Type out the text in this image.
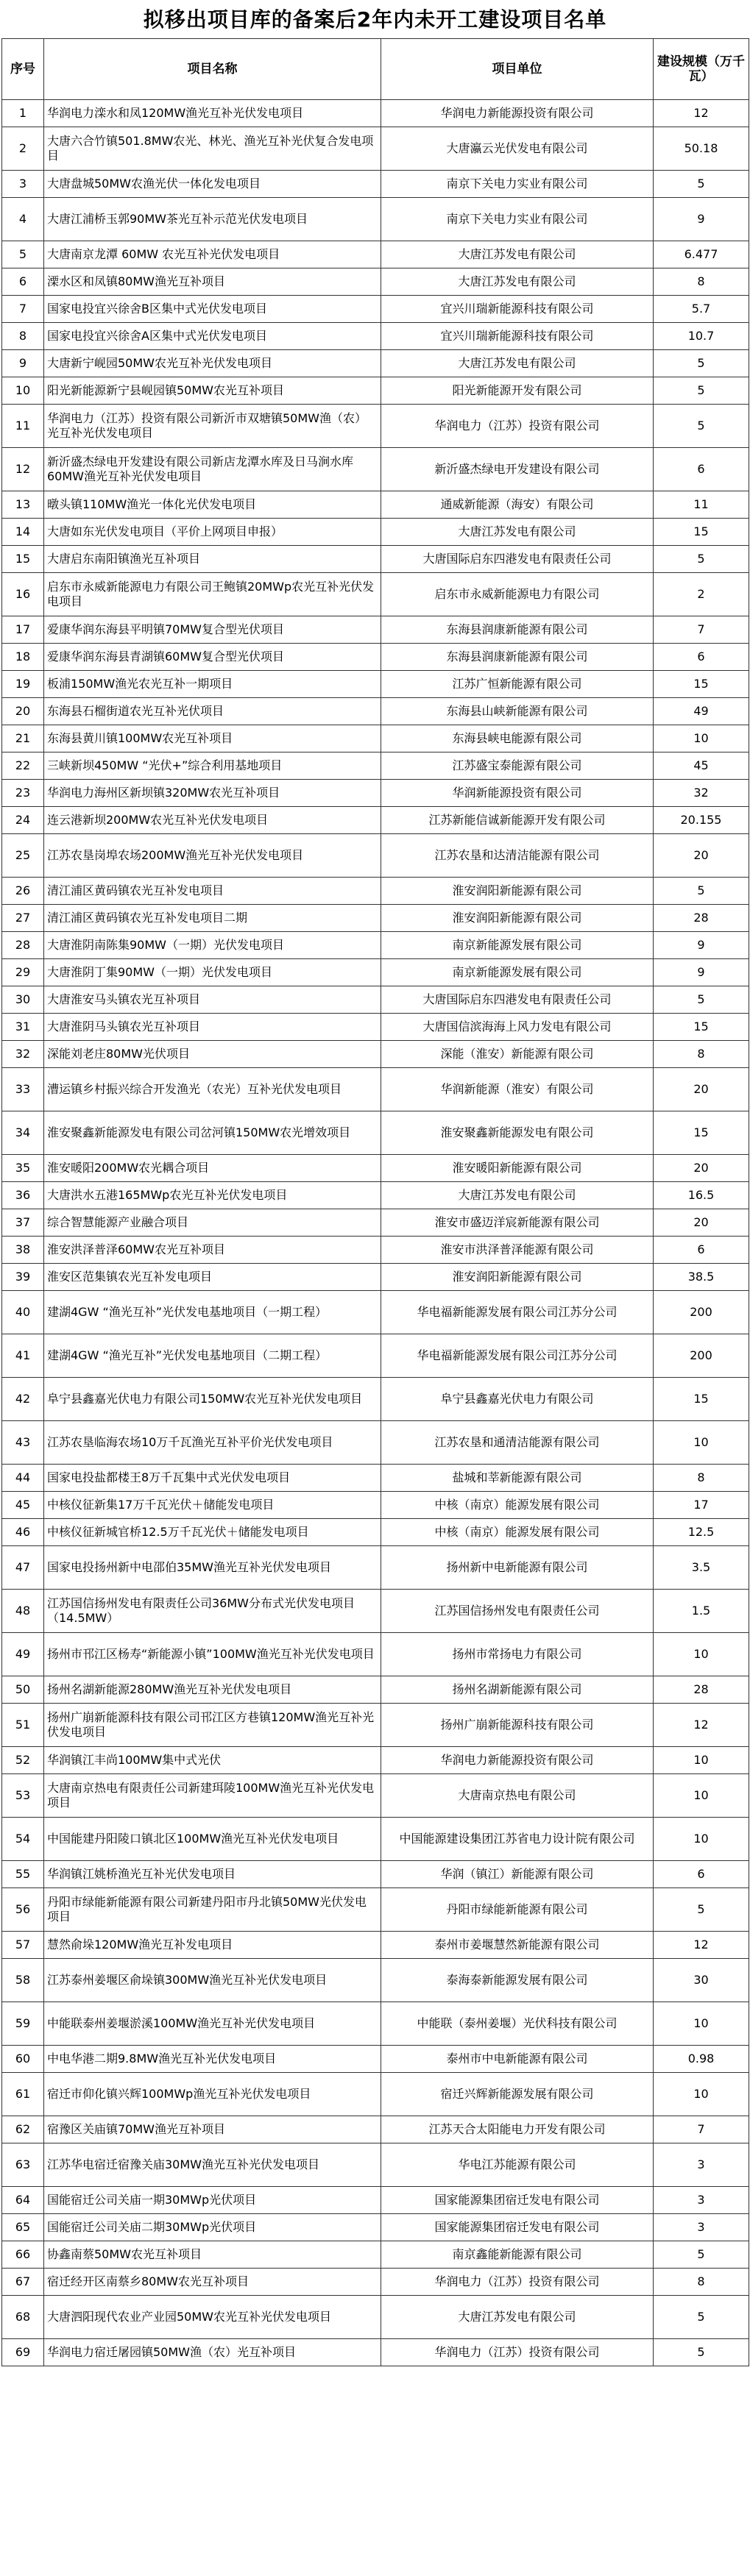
拟移出项目库的备案后2年内未开工建设项目名单
序号	项目名称	项目单位	建设规模（万千瓦）
1	华润电力滦水和凤120MW渔光互补光伏发电项目	华润电力新能源投资有限公司	12
2	大唐六合竹镇501.8MW农光、林光、渔光互补光伏复合发电项目	大唐瀛云光伏发电有限公司	50.18
3	大唐盘城50MW农渔光伏一体化发电项目	南京下关电力实业有限公司	5
4	大唐江浦桥玉郭90MW茶光互补示范光伏发电项目	南京下关电力实业有限公司	9
5	大唐南京龙潭 60MW 农光互补光伏发电项目	大唐江苏发电有限公司	6.477
6	溧水区和凤镇80MW渔光互补项目	大唐江苏发电有限公司	8
7	国家电投宜兴徐舍B区集中式光伏发电项目	宜兴川瑞新能源科技有限公司	5.7
8	国家电投宜兴徐舍A区集中式光伏发电项目	宜兴川瑞新能源科技有限公司	10.7
9	大唐新宁岘园50MW农光互补光伏发电项目	大唐江苏发电有限公司	5
10	阳光新能源新宁县岘园镇50MW农光互补项目	阳光新能源开发有限公司	5
11	华润电力（江苏）投资有限公司新沂市双塘镇50MW渔（农）光互补光伏发电项目	华润电力（江苏）投资有限公司	5
12	新沂盛杰绿电开发建设有限公司新店龙潭水库及日马涧水库60MW渔光互补光伏发电项目	新沂盛杰绿电开发建设有限公司	6
13	暾头镇110MW渔光一体化光伏发电项目	通威新能源（海安）有限公司	11
14	大唐如东光伏发电项目（平价上网项目申报）	大唐江苏发电有限公司	15
15	大唐启东南阳镇渔光互补项目	大唐国际启东四港发电有限责任公司	5
16	启东市永威新能源电力有限公司王鲍镇20MWp农光互补光伏发电项目	启东市永威新能源电力有限公司	2
17	爱康华润东海县平明镇70MW复合型光伏项目	东海县润康新能源有限公司	7
18	爱康华润东海县青湖镇60MW复合型光伏项目	东海县润康新能源有限公司	6
19	板浦150MW渔光农光互补一期项目	江苏广恒新能源有限公司	15
20	东海县石榴街道农光互补光伏项目	东海县山峡新能源有限公司	49
21	东海县黄川镇100MW农光互补项目	东海县峡电能源有限公司	10
22	三峡新坝450MW “光伏+”综合利用基地项目	江苏盛宝泰能源有限公司	45
23	华润电力海州区新坝镇320MW农光互补项目	华润新能源投资有限公司	32
24	连云港新坝200MW农光互补光伏发电项目	江苏新能信诚新能源开发有限公司	20.155
25	江苏农垦岗埠农场200MW渔光互补光伏发电项目	江苏农垦和达清洁能源有限公司	20
26	清江浦区黄码镇农光互补发电项目	淮安润阳新能源有限公司	5
27	清江浦区黄码镇农光互补发电项目二期	淮安润阳新能源有限公司	28
28	大唐淮阴南陈集90MW（一期）光伏发电项目	南京新能源发展有限公司	9
29	大唐淮阴丁集90MW（一期）光伏发电项目	南京新能源发展有限公司	9
30	大唐淮安马头镇农光互补项目	大唐国际启东四港发电有限责任公司	5
31	大唐淮阴马头镇农光互补项目	大唐国信滨海海上风力发电有限公司	15
32	深能刘老庄80MW光伏项目	深能（淮安）新能源有限公司	8
33	漕运镇乡村振兴综合开发渔光（农光）互补光伏发电项目	华润新能源（淮安）有限公司	20
34	淮安聚鑫新能源发电有限公司岔河镇150MW农光增效项目	淮安聚鑫新能源发电有限公司	15
35	淮安暖阳200MW农光耦合项目	淮安暖阳新能源有限公司	20
36	大唐洪水五港165MWp农光互补光伏发电项目	大唐江苏发电有限公司	16.5
37	综合智慧能源产业融合项目	淮安市盛迈洋宸新能源有限公司	20
38	淮安洪泽普泽60MW农光互补项目	淮安市洪泽普泽能源有限公司	6
39	淮安区范集镇农光互补发电项目	淮安润阳新能源有限公司	38.5
40	建湖4GW “渔光互补”光伏发电基地项目（一期工程）	华电福新能源发展有限公司江苏分公司	200
41	建湖4GW “渔光互补”光伏发电基地项目（二期工程）	华电福新能源发展有限公司江苏分公司	200
42	阜宁县鑫嘉光伏电力有限公司150MW农光互补光伏发电项目	阜宁县鑫嘉光伏电力有限公司	15
43	江苏农垦临海农场10万千瓦渔光互补平价光伏发电项目	江苏农垦和通清洁能源有限公司	10
44	国家电投盐都楼王8万千瓦集中式光伏发电项目	盐城和莘新能源有限公司	8
45	中核仪征新集17万千瓦光伏＋储能发电项目	中核（南京）能源发展有限公司	17
46	中核仪征新城官桥12.5万千瓦光伏＋储能发电项目	中核（南京）能源发展有限公司	12.5
47	国家电投扬州新中电邵伯35MW渔光互补光伏发电项目	扬州新中电新能源有限公司	3.5
48	江苏国信扬州发电有限责任公司36MW分布式光伏发电项目（14.5MW）	江苏国信扬州发电有限责任公司	1.5
49	扬州市邗江区杨寿“新能源小镇”100MW渔光互补光伏发电项目	扬州市常扬电力有限公司	10
50	扬州名湖新能源280MW渔光互补光伏发电项目	扬州名湖新能源有限公司	28
51	扬州广崩新能源科技有限公司邗江区方巷镇120MW渔光互补光伏发电项目	扬州广崩新能源科技有限公司	12
52	华润镇江丰尚100MW集中式光伏	华润电力新能源投资有限公司	10
53	大唐南京热电有限责任公司新建珥陵100MW渔光互补光伏发电项目	大唐南京热电有限公司	10
54	中国能建丹阳陵口镇北区100MW渔光互补光伏发电项目	中国能源建设集团江苏省电力设计院有限公司	10
55	华润镇江姚桥渔光互补光伏发电项目	华润（镇江）新能源有限公司	6
56	丹阳市绿能新能源有限公司新建丹阳市丹北镇50MW光伏发电项目	丹阳市绿能新能源有限公司	5
57	慧然俞垛120MW渔光互补发电项目	泰州市姜堰慧然新能源有限公司	12
58	江苏泰州姜堰区俞垛镇300MW渔光互补光伏发电项目	泰海泰新能源发展有限公司	30
59	中能联泰州姜堰淤溪100MW渔光互补光伏发电项目	中能联（泰州姜堰）光伏科技有限公司	10
60	中电华港二期9.8MW渔光互补光伏发电项目	泰州市中电新能源有限公司	0.98
61	宿迁市仰化镇兴辉100MWp渔光互补光伏发电项目	宿迁兴辉新能源发展有限公司	10
62	宿豫区关庙镇70MW渔光互补项目	江苏天合太阳能电力开发有限公司	7
63	江苏华电宿迁宿豫关庙30MW渔光互补光伏发电项目	华电江苏能源有限公司	3
64	国能宿迁公司关庙一期30MWp光伏项目	国家能源集团宿迁发电有限公司	3
65	国能宿迁公司关庙二期30MWp光伏项目	国家能源集团宿迁发电有限公司	3
66	协鑫南蔡50MW农光互补项目	南京鑫能新能源有限公司	5
67	宿迁经开区南蔡乡80MW农光互补项目	华润电力（江苏）投资有限公司	8
68	大唐泗阳现代农业产业园50MW农光互补光伏发电项目	大唐江苏发电有限公司	5
69	华润电力宿迁屠园镇50MW渔（农）光互补项目	华润电力（江苏）投资有限公司	5
